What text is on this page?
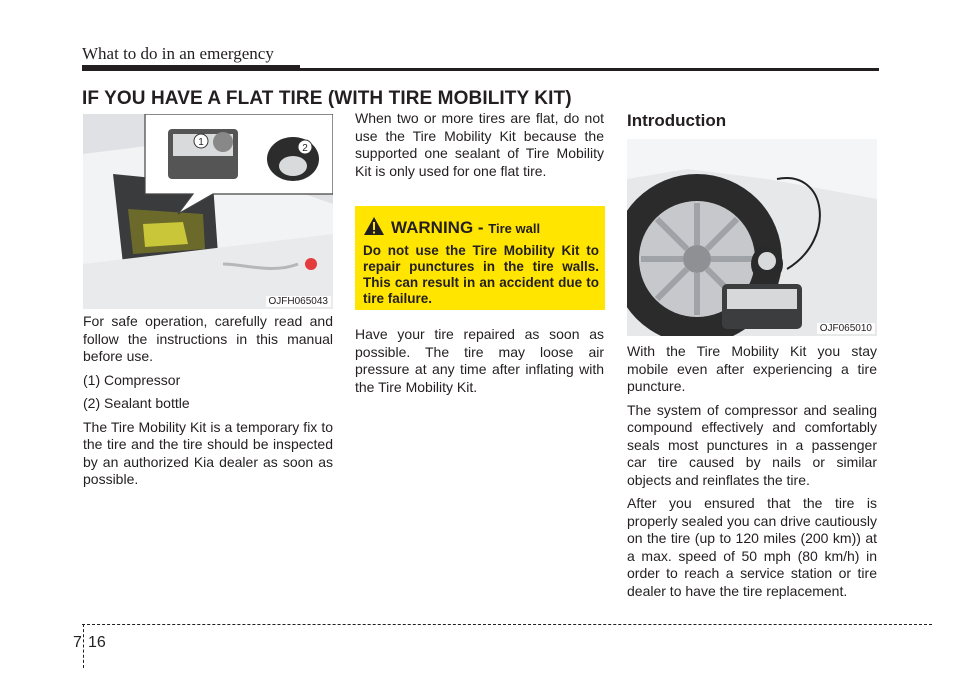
What to do in an emergency
IF YOU HAVE A FLAT TIRE (WITH TIRE MOBILITY KIT)
1
2
OJFH065043

For safe operation, carefully read and follow the instructions in this manual before use.

(1) Compressor

(2) Sealant bottle

The Tire Mobility Kit is a temporary fix to the tire and the tire should be inspected by an authorized Kia dealer as soon as possible.

When two or more tires are flat, do not use the Tire Mobility Kit because the supported one sealant of Tire Mobility Kit is only used for one flat tire.

WARNING - Tire wall
Do not use the Tire Mobility Kit to repair punctures in the tire walls. This can result in an accident due to tire failure.

Have your tire repaired as soon as possible. The tire may loose air pressure at any time after inflating with the Tire Mobility Kit.

Introduction
OJF065010

With the Tire Mobility Kit you stay mobile even after experiencing a tire puncture.

The system of compressor and sealing compound effectively and comfortably seals most punctures in a passenger car tire caused by nails or similar objects and reinflates the tire.

After you ensured that the tire is properly sealed you can drive cautiously on the tire (up to 120 miles (200 km)) at a max. speed of 50 mph (80 km/h) in order to reach a service station or tire dealer to have the tire replacement.

7 16
